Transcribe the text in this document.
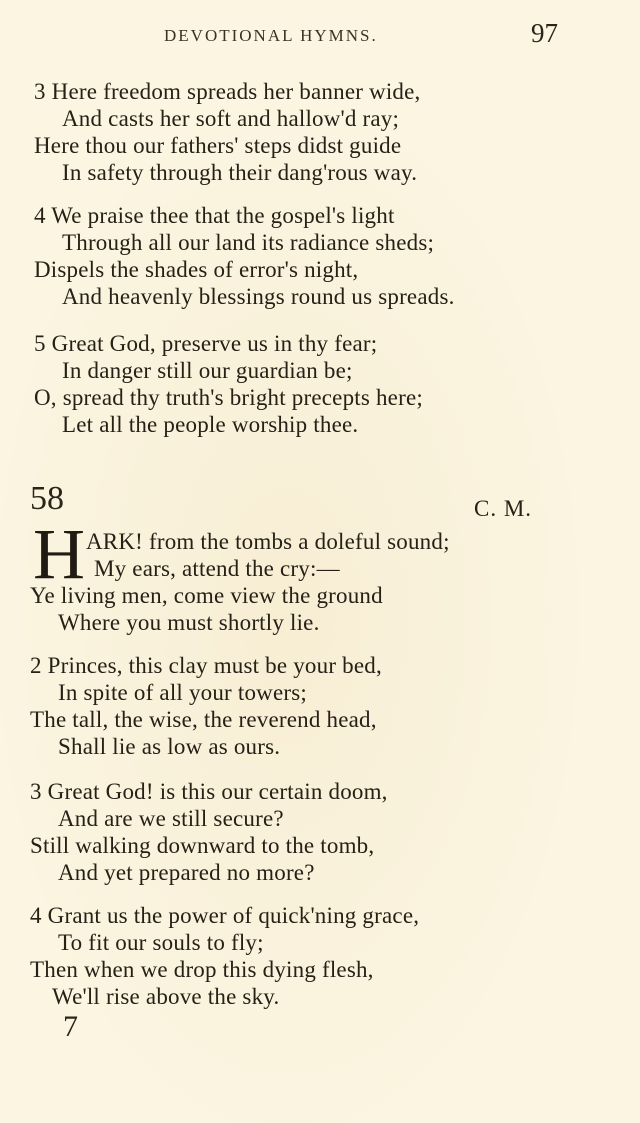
DEVOTIONAL HYMNS.	97
3 Here freedom spreads her banner wide,
And casts her soft and hallow'd ray;
Here thou our fathers' steps didst guide
In safety through their dang'rous way.
4 We praise thee that the gospel's light
Through all our land its radiance sheds;
Dispels the shades of error's night,
And heavenly blessings round us spreads.
5 Great God, preserve us in thy fear;
In danger still our guardian be;
O, spread thy truth's bright precepts here;
Let all the people worship thee.
58	C. M.
H ARK! from the tombs a doleful sound;
My ears, attend the cry:—
Ye living men, come view the ground
Where you must shortly lie.
2 Princes, this clay must be your bed,
In spite of all your towers;
The tall, the wise, the reverend head,
Shall lie as low as ours.
3 Great God! is this our certain doom,
And are we still secure?
Still walking downward to the tomb,
And yet prepared no more?
4 Grant us the power of quick'ning grace,
To fit our souls to fly;
Then when we drop this dying flesh,
We'll rise above the sky.
7
